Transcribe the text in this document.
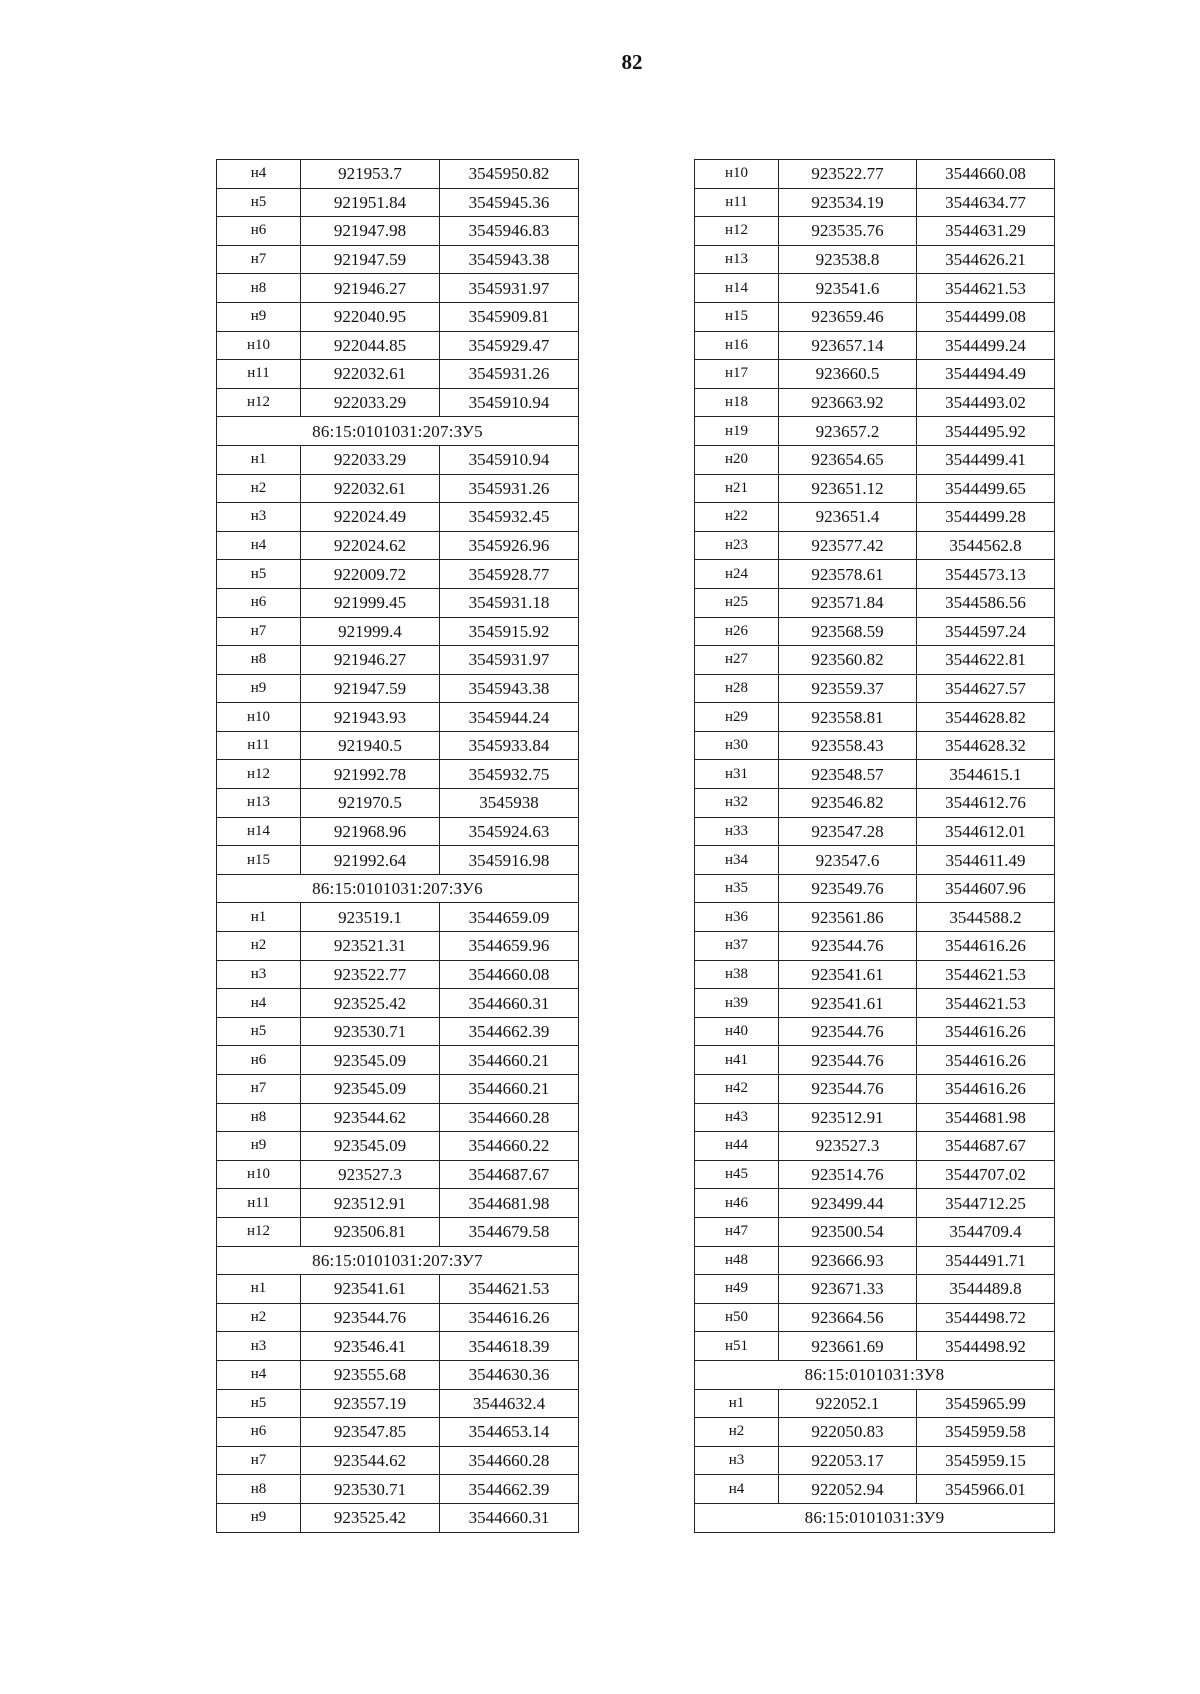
82
н4	921953.7	3545950.82
н5	921951.84	3545945.36
н6	921947.98	3545946.83
н7	921947.59	3545943.38
н8	921946.27	3545931.97
н9	922040.95	3545909.81
н10	922044.85	3545929.47
н11	922032.61	3545931.26
н12	922033.29	3545910.94
86:15:0101031:207:ЗУ5		
н1	922033.29	3545910.94
н2	922032.61	3545931.26
н3	922024.49	3545932.45
н4	922024.62	3545926.96
н5	922009.72	3545928.77
н6	921999.45	3545931.18
н7	921999.4	3545915.92
н8	921946.27	3545931.97
н9	921947.59	3545943.38
н10	921943.93	3545944.24
н11	921940.5	3545933.84
н12	921992.78	3545932.75
н13	921970.5	3545938
н14	921968.96	3545924.63
н15	921992.64	3545916.98
86:15:0101031:207:ЗУ6		
н1	923519.1	3544659.09
н2	923521.31	3544659.96
н3	923522.77	3544660.08
н4	923525.42	3544660.31
н5	923530.71	3544662.39
н6	923545.09	3544660.21
н7	923545.09	3544660.21
н8	923544.62	3544660.28
н9	923545.09	3544660.22
н10	923527.3	3544687.67
н11	923512.91	3544681.98
н12	923506.81	3544679.58
86:15:0101031:207:ЗУ7		
н1	923541.61	3544621.53
н2	923544.76	3544616.26
н3	923546.41	3544618.39
н4	923555.68	3544630.36
н5	923557.19	3544632.4
н6	923547.85	3544653.14
н7	923544.62	3544660.28
н8	923530.71	3544662.39
н9	923525.42	3544660.31
н10	923522.77	3544660.08
н11	923534.19	3544634.77
н12	923535.76	3544631.29
н13	923538.8	3544626.21
н14	923541.6	3544621.53
н15	923659.46	3544499.08
н16	923657.14	3544499.24
н17	923660.5	3544494.49
н18	923663.92	3544493.02
н19	923657.2	3544495.92
н20	923654.65	3544499.41
н21	923651.12	3544499.65
н22	923651.4	3544499.28
н23	923577.42	3544562.8
н24	923578.61	3544573.13
н25	923571.84	3544586.56
н26	923568.59	3544597.24
н27	923560.82	3544622.81
н28	923559.37	3544627.57
н29	923558.81	3544628.82
н30	923558.43	3544628.32
н31	923548.57	3544615.1
н32	923546.82	3544612.76
н33	923547.28	3544612.01
н34	923547.6	3544611.49
н35	923549.76	3544607.96
н36	923561.86	3544588.2
н37	923544.76	3544616.26
н38	923541.61	3544621.53
н39	923541.61	3544621.53
н40	923544.76	3544616.26
н41	923544.76	3544616.26
н42	923544.76	3544616.26
н43	923512.91	3544681.98
н44	923527.3	3544687.67
н45	923514.76	3544707.02
н46	923499.44	3544712.25
н47	923500.54	3544709.4
н48	923666.93	3544491.71
н49	923671.33	3544489.8
н50	923664.56	3544498.72
н51	923661.69	3544498.92
86:15:0101031:ЗУ8		
н1	922052.1	3545965.99
н2	922050.83	3545959.58
н3	922053.17	3545959.15
н4	922052.94	3545966.01
86:15:0101031:ЗУ9		
